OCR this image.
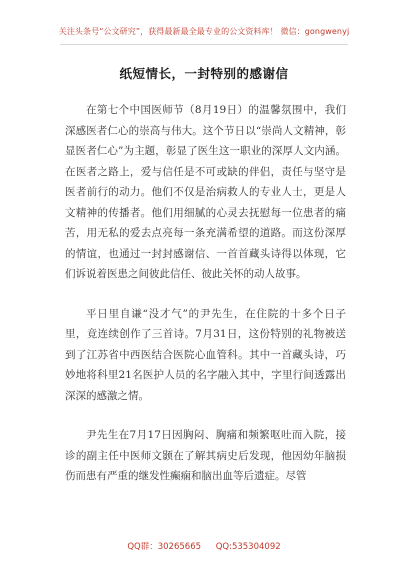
关注头条号“公文研究”，获得最新最全最专业的公文资料库！ 微信：gongwenyj
纸短情长，一封特别的感谢信

在第七个中国医师节（8月19日）的温馨氛围中，我们深感医者仁心的崇高与伟大。这个节日以“崇尚人文精神，彰显医者仁心”为主题，彰显了医生这一职业的深厚人文内涵。在医者之路上，爱与信任是不可或缺的伴侣，责任与坚守是医者前行的动力。他们不仅是治病救人的专业人士，更是人文精神的传播者。他们用细腻的心灵去抚慰每一位患者的痛苦，用无私的爱去点亮每一条充满希望的道路。而这份深厚的情谊，也通过一封封感谢信、一首首藏头诗得以体现，它们诉说着医患之间彼此信任、彼此关怀的动人故事。

平日里自谦“没才气”的尹先生，在住院的十多个日子里，竟连续创作了三首诗。7月31日，这份特别的礼物被送到了江苏省中西医结合医院心血管科。其中一首藏头诗，巧妙地将科里21名医护人员的名字融入其中，字里行间透露出深深的感激之情。

尹先生在7月17日因胸闷、胸痛和频繁呕吐而入院，接诊的副主任中医师文颢在了解其病史后发现，他因幼年脑损伤而患有严重的继发性癫痫和脑出血等后遗症。尽管

QQ群：30265665 QQ:535304092
